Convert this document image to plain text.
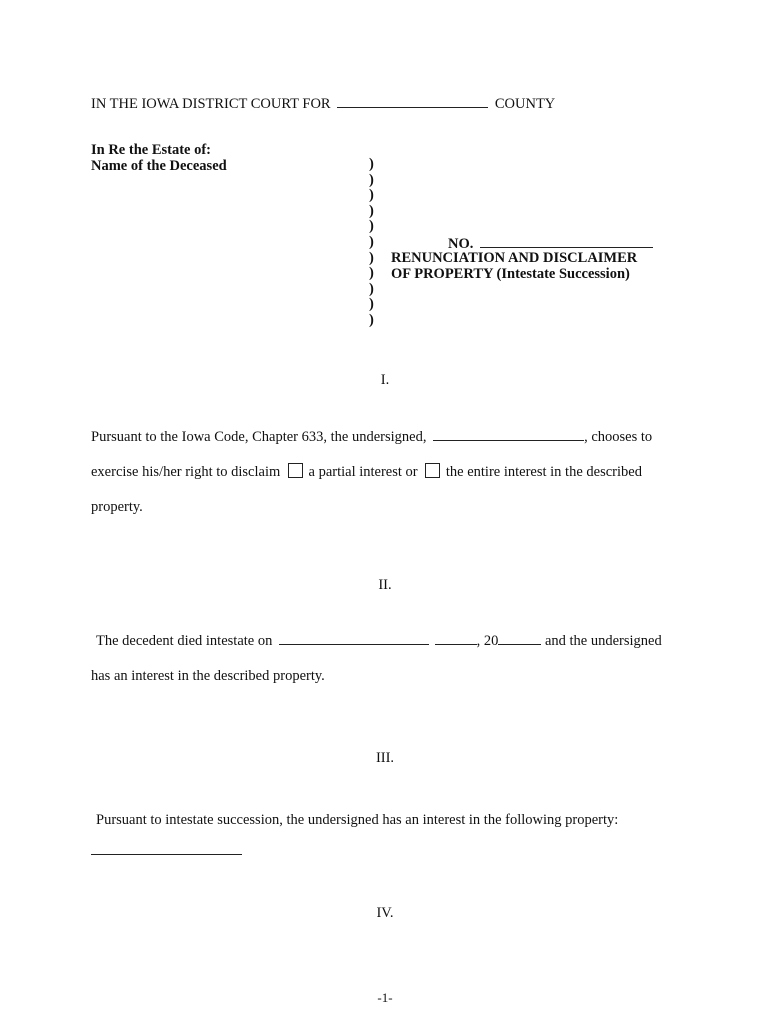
IN THE IOWA DISTRICT COURT FOR	COUNTY
In Re the Estate of:
Name of the Deceased	)
)
)
)
)
)
)
)
)
)
)
NO.
RENUNCIATION AND DISCLAIMER
OF PROPERTY (Intestate Succession)
I.
Pursuant to the Iowa Code, Chapter 633, the undersigned,	, chooses to
exercise his/her right to disclaim a partial interest or the entire interest in the described
property.
II.
The decedent died intestate on	, 20	and the undersigned
has an interest in the described property.
III.
Pursuant to intestate succession, the undersigned has an interest in the following property:
IV.
-1-
